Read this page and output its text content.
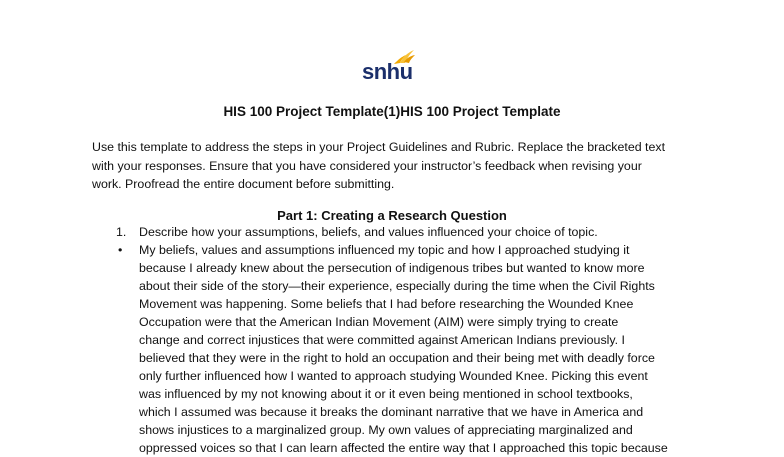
snhu
HIS 100 Project Template(1)HIS 100 Project Template
Use this template to address the steps in your Project Guidelines and Rubric. Replace the bracketed text
with your responses. Ensure that you have considered your instructor’s feedback when revising your
work. Proofread the entire document before submitting.
Part 1: Creating a Research Question
1. Describe how your assumptions, beliefs, and values influenced your choice of topic.
• My beliefs, values and assumptions influenced my topic and how I approached studying it
because I already knew about the persecution of indigenous tribes but wanted to know more
about their side of the story—their experience, especially during the time when the Civil Rights
Movement was happening. Some beliefs that I had before researching the Wounded Knee
Occupation were that the American Indian Movement (AIM) were simply trying to create
change and correct injustices that were committed against American Indians previously. I
believed that they were in the right to hold an occupation and their being met with deadly force
only further influenced how I wanted to approach studying Wounded Knee. Picking this event
was influenced by my not knowing about it or it even being mentioned in school textbooks,
which I assumed was because it breaks the dominant narrative that we have in America and
shows injustices to a marginalized group. My own values of appreciating marginalized and
oppressed voices so that I can learn affected the entire way that I approached this topic because
